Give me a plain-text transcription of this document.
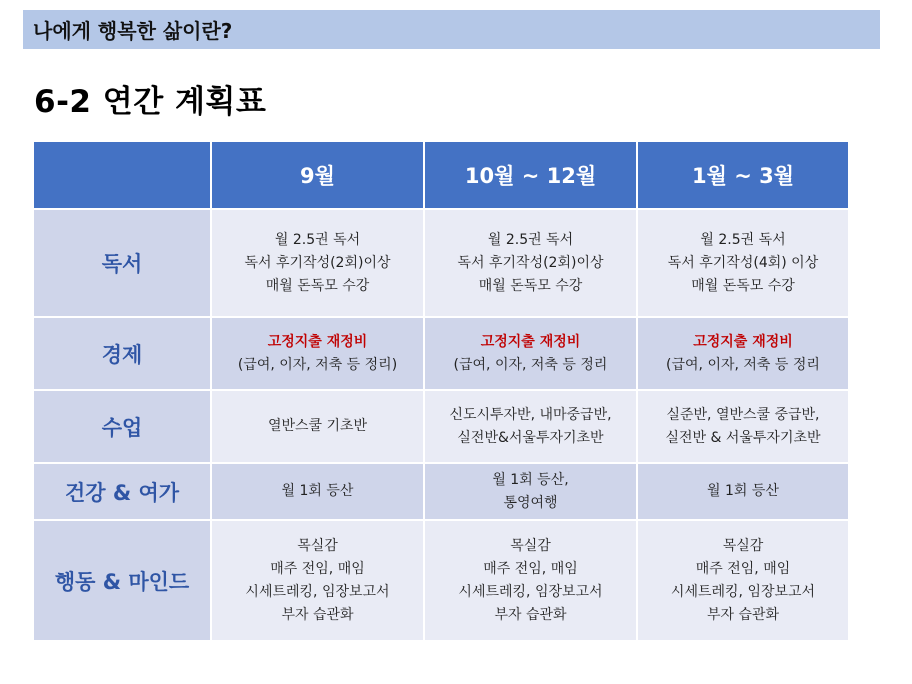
나에게 행복한 삶이란?
6-2 연간 계획표
	9월	10월 ~ 12월	1월 ~ 3월
독서	월 2.5권 독서
독서 후기작성(2회)이상
매월 돈독모 수강	월 2.5권 독서
독서 후기작성(2회)이상
매월 돈독모 수강	월 2.5권 독서
독서 후기작성(4회) 이상
매월 돈독모 수강

경제	고정지출 재정비
(급여, 이자, 저축 등 정리)	고정지출 재정비
(급여, 이자, 저축 등 정리	고정지출 재정비
(급여, 이자, 저축 등 정리

수업	열반스쿨 기초반	신도시투자반, 내마중급반,
실전반&서울투자기초반	실준반, 열반스쿨 중급반,
실전반 & 서울투자기초반

건강 & 여가	월 1회 등산	월 1회 등산,
통영여행	월 1회 등산

행동 & 마인드	목실감
매주 전임, 매임
시세트레킹, 임장보고서
부자 습관화	목실감
매주 전임, 매임
시세트레킹, 임장보고서
부자 습관화	목실감
매주 전임, 매임
시세트레킹, 임장보고서
부자 습관화
